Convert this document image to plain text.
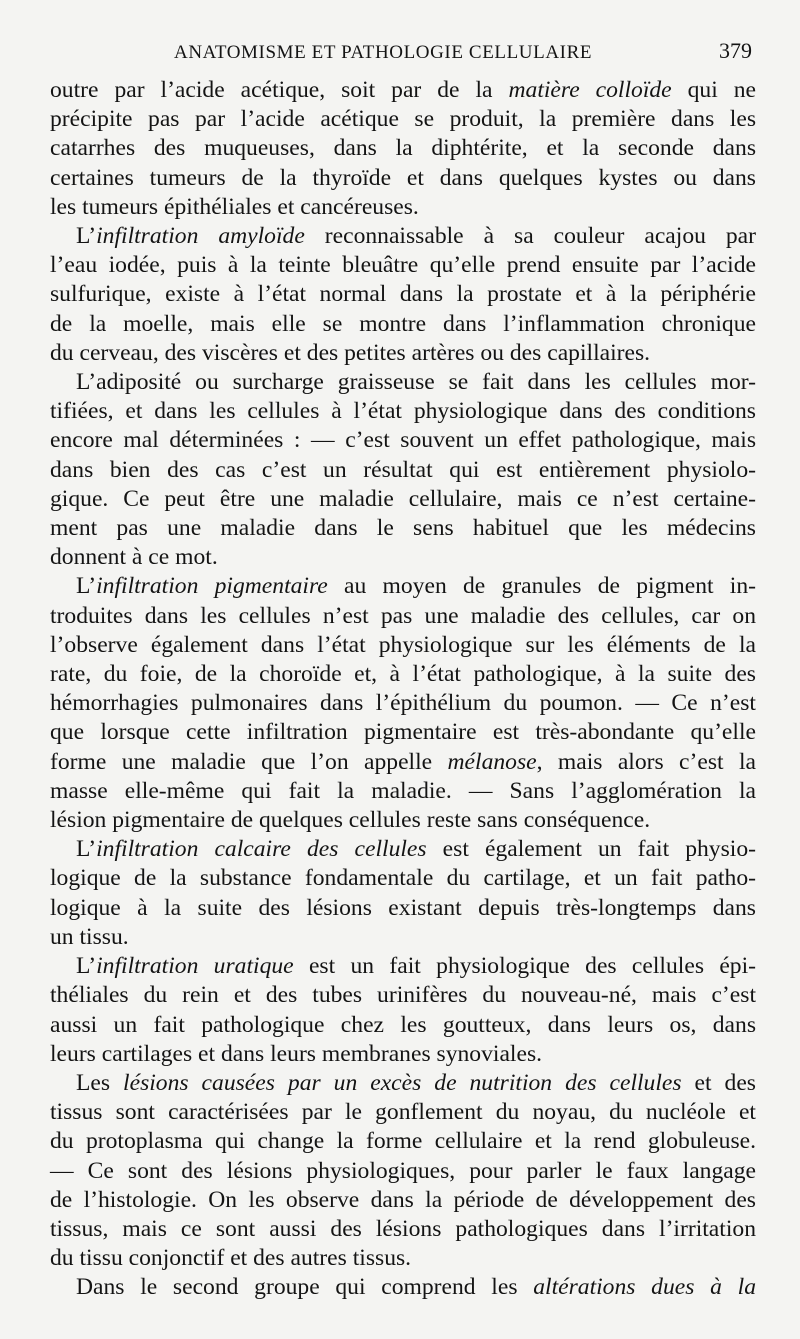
ANATOMISME ET PATHOLOGIE CELLULAIRE	379

outre par l’acide acétique, soit par de la matière colloïde qui ne
précipite pas par l’acide acétique se produit, la première dans les
catarrhes des muqueuses, dans la diphtérite, et la seconde dans
certaines tumeurs de la thyroïde et dans quelques kystes ou dans
les tumeurs épithéliales et cancéreuses.

L’infiltration amyloïde reconnaissable à sa couleur acajou par
l’eau iodée, puis à la teinte bleuâtre qu’elle prend ensuite par l’acide
sulfurique, existe à l’état normal dans la prostate et à la périphérie
de la moelle, mais elle se montre dans l’inflammation chronique
du cerveau, des viscères et des petites artères ou des capillaires.

L’adiposité ou surcharge graisseuse se fait dans les cellules mor-
tifiées, et dans les cellules à l’état physiologique dans des conditions
encore mal déterminées : — c’est souvent un effet pathologique, mais
dans bien des cas c’est un résultat qui est entièrement physiolo-
gique. Ce peut être une maladie cellulaire, mais ce n’est certaine-
ment pas une maladie dans le sens habituel que les médecins
donnent à ce mot.

L’infiltration pigmentaire au moyen de granules de pigment in-
troduites dans les cellules n’est pas une maladie des cellules, car on
l’observe également dans l’état physiologique sur les éléments de la
rate, du foie, de la choroïde et, à l’état pathologique, à la suite des
hémorrhagies pulmonaires dans l’épithélium du poumon. — Ce n’est
que lorsque cette infiltration pigmentaire est très-abondante qu’elle
forme une maladie que l’on appelle mélanose, mais alors c’est la
masse elle-même qui fait la maladie. — Sans l’agglomération la
lésion pigmentaire de quelques cellules reste sans conséquence.

L’infiltration calcaire des cellules est également un fait physio-
logique de la substance fondamentale du cartilage, et un fait patho-
logique à la suite des lésions existant depuis très-longtemps dans
un tissu.

L’infiltration uratique est un fait physiologique des cellules épi-
théliales du rein et des tubes urinifères du nouveau-né, mais c’est
aussi un fait pathologique chez les goutteux, dans leurs os, dans
leurs cartilages et dans leurs membranes synoviales.

Les lésions causées par un excès de nutrition des cellules et des
tissus sont caractérisées par le gonflement du noyau, du nucléole et
du protoplasma qui change la forme cellulaire et la rend globuleuse.
— Ce sont des lésions physiologiques, pour parler le faux langage
de l’histologie. On les observe dans la période de développement des
tissus, mais ce sont aussi des lésions pathologiques dans l’irritation
du tissu conjonctif et des autres tissus.

Dans le second groupe qui comprend les altérations dues à la
